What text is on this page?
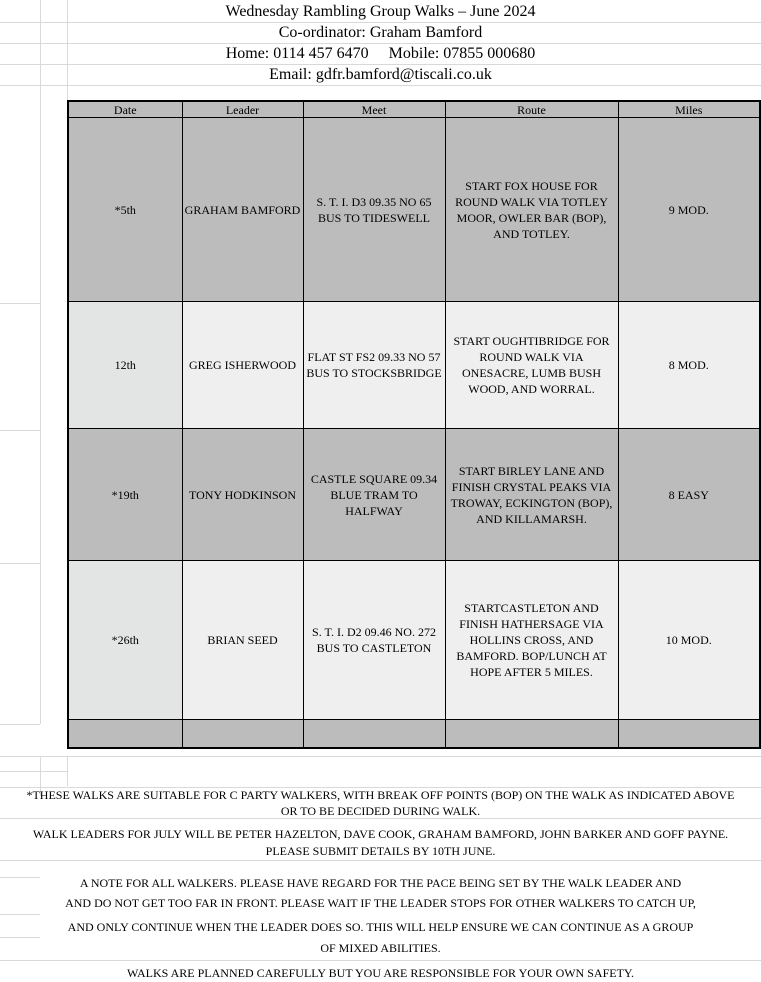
Wednesday Rambling Group Walks – June 2024
Co-ordinator: Graham Bamford
Home: 0114 457 6470     Mobile: 07855 000680
Email: gdfr.bamford@tiscali.co.uk
Date	Leader	Meet	Route	Miles
*5th	GRAHAM BAMFORD	S. T. I. D3 09.35 NO 65 BUS TO TIDESWELL	START FOX HOUSE FOR ROUND WALK VIA TOTLEY MOOR, OWLER BAR (BOP), AND TOTLEY.	9 MOD.
12th	GREG ISHERWOOD	FLAT ST FS2 09.33 NO 57 BUS TO STOCKSBRIDGE	START OUGHTIBRIDGE FOR ROUND WALK VIA ONESACRE, LUMB BUSH WOOD, AND WORRAL.	8 MOD.
*19th	TONY HODKINSON	CASTLE SQUARE 09.34 BLUE TRAM TO HALFWAY	START BIRLEY LANE AND FINISH CRYSTAL PEAKS VIA TROWAY, ECKINGTON (BOP), AND KILLAMARSH.	8 EASY
*26th	BRIAN SEED	S. T. I. D2 09.46 NO. 272 BUS TO CASTLETON	STARTCASTLETON AND FINISH HATHERSAGE VIA HOLLINS CROSS, AND BAMFORD. BOP/LUNCH AT HOPE AFTER 5 MILES.	10 MOD.

*THESE WALKS ARE SUITABLE FOR C PARTY WALKERS, WITH BREAK OFF POINTS (BOP) ON THE WALK AS INDICATED ABOVE
OR TO BE DECIDED DURING WALK.
WALK LEADERS FOR JULY WILL BE PETER HAZELTON, DAVE COOK, GRAHAM BAMFORD, JOHN BARKER AND GOFF PAYNE.
PLEASE SUBMIT DETAILS BY 10TH JUNE.
A NOTE FOR ALL WALKERS. PLEASE HAVE REGARD FOR THE PACE BEING SET BY THE WALK LEADER AND
AND DO NOT GET TOO FAR IN FRONT. PLEASE WAIT IF THE LEADER STOPS FOR OTHER WALKERS TO CATCH UP,
AND ONLY CONTINUE WHEN THE LEADER DOES SO. THIS WILL HELP ENSURE WE CAN CONTINUE AS A GROUP
OF MIXED ABILITIES.
WALKS ARE PLANNED CAREFULLY BUT YOU ARE RESPONSIBLE FOR YOUR OWN SAFETY.
